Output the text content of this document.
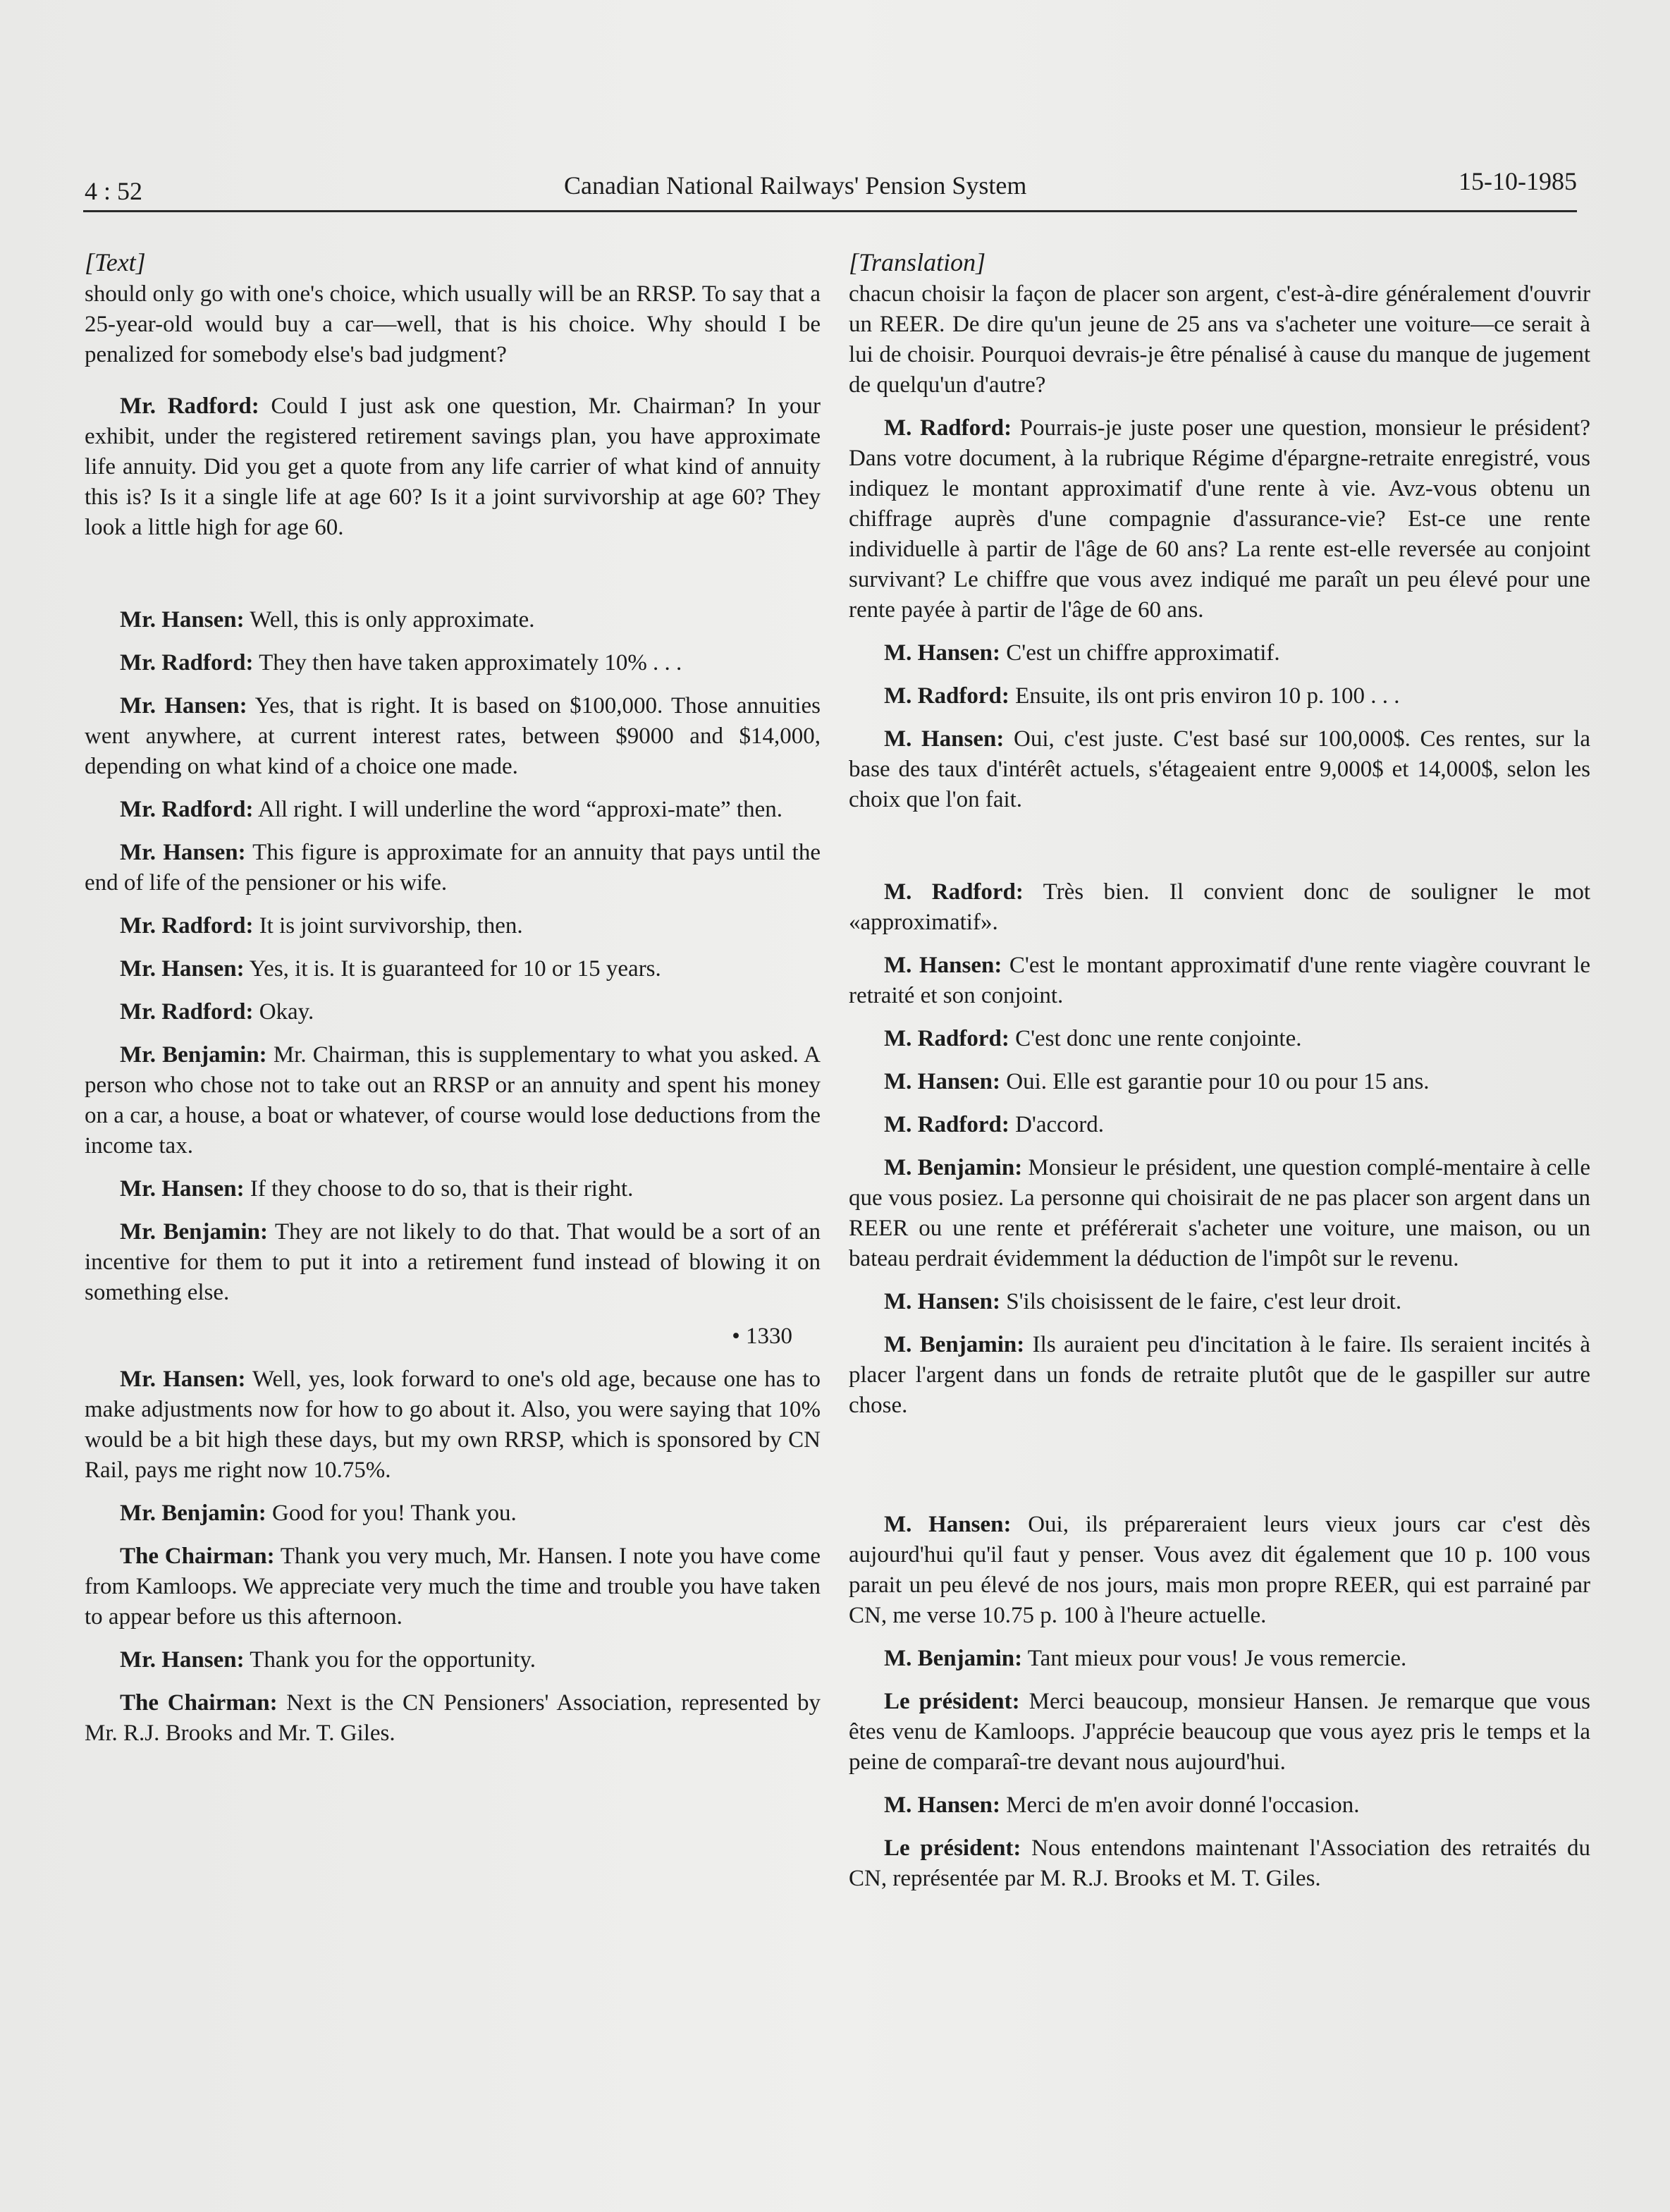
4 : 52	Canadian National Railways' Pension System	15-10-1985
[Text]
should only go with one's choice, which usually will be an RRSP. To say that a 25-year-old would buy a car—well, that is his choice. Why should I be penalized for somebody else's bad judgment?
Mr. Radford: Could I just ask one question, Mr. Chairman? In your exhibit, under the registered retirement savings plan, you have approximate life annuity. Did you get a quote from any life carrier of what kind of annuity this is? Is it a single life at age 60? Is it a joint survivorship at age 60? They look a little high for age 60.
Mr. Hansen: Well, this is only approximate.
Mr. Radford: They then have taken approximately 10% . . .
Mr. Hansen: Yes, that is right. It is based on $100,000. Those annuities went anywhere, at current interest rates, between $9000 and $14,000, depending on what kind of a choice one made.
Mr. Radford: All right. I will underline the word “approxi-mate” then.
Mr. Hansen: This figure is approximate for an annuity that pays until the end of life of the pensioner or his wife.
Mr. Radford: It is joint survivorship, then.
Mr. Hansen: Yes, it is. It is guaranteed for 10 or 15 years.
Mr. Radford: Okay.
Mr. Benjamin: Mr. Chairman, this is supplementary to what you asked. A person who chose not to take out an RRSP or an annuity and spent his money on a car, a house, a boat or whatever, of course would lose deductions from the income tax.
Mr. Hansen: If they choose to do so, that is their right.
Mr. Benjamin: They are not likely to do that. That would be a sort of an incentive for them to put it into a retirement fund instead of blowing it on something else.
• 1330
Mr. Hansen: Well, yes, look forward to one's old age, because one has to make adjustments now for how to go about it. Also, you were saying that 10% would be a bit high these days, but my own RRSP, which is sponsored by CN Rail, pays me right now 10.75%.
Mr. Benjamin: Good for you! Thank you.
The Chairman: Thank you very much, Mr. Hansen. I note you have come from Kamloops. We appreciate very much the time and trouble you have taken to appear before us this afternoon.
Mr. Hansen: Thank you for the opportunity.
The Chairman: Next is the CN Pensioners' Association, represented by Mr. R.J. Brooks and Mr. T. Giles.
[Translation]
chacun choisir la façon de placer son argent, c'est-à-dire généralement d'ouvrir un REER. De dire qu'un jeune de 25 ans va s'acheter une voiture—ce serait à lui de choisir. Pourquoi devrais-je être pénalisé à cause du manque de jugement de quelqu'un d'autre?
M. Radford: Pourrais-je juste poser une question, monsieur le président? Dans votre document, à la rubrique Régime d'épargne-retraite enregistré, vous indiquez le montant approximatif d'une rente à vie. Avz-vous obtenu un chiffrage auprès d'une compagnie d'assurance-vie? Est-ce une rente individuelle à partir de l'âge de 60 ans? La rente est-elle reversée au conjoint survivant? Le chiffre que vous avez indiqué me paraît un peu élevé pour une rente payée à partir de l'âge de 60 ans.
M. Hansen: C'est un chiffre approximatif.
M. Radford: Ensuite, ils ont pris environ 10 p. 100 . . .
M. Hansen: Oui, c'est juste. C'est basé sur 100,000$. Ces rentes, sur la base des taux d'intérêt actuels, s'étageaient entre 9,000$ et 14,000$, selon les choix que l'on fait.
M. Radford: Très bien. Il convient donc de souligner le mot «approximatif».
M. Hansen: C'est le montant approximatif d'une rente viagère couvrant le retraité et son conjoint.
M. Radford: C'est donc une rente conjointe.
M. Hansen: Oui. Elle est garantie pour 10 ou pour 15 ans.
M. Radford: D'accord.
M. Benjamin: Monsieur le président, une question complé-mentaire à celle que vous posiez. La personne qui choisirait de ne pas placer son argent dans un REER ou une rente et préférerait s'acheter une voiture, une maison, ou un bateau perdrait évidemment la déduction de l'impôt sur le revenu.
M. Hansen: S'ils choisissent de le faire, c'est leur droit.
M. Benjamin: Ils auraient peu d'incitation à le faire. Ils seraient incités à placer l'argent dans un fonds de retraite plutôt que de le gaspiller sur autre chose.
M. Hansen: Oui, ils prépareraient leurs vieux jours car c'est dès aujourd'hui qu'il faut y penser. Vous avez dit également que 10 p. 100 vous parait un peu élevé de nos jours, mais mon propre REER, qui est parrainé par CN, me verse 10.75 p. 100 à l'heure actuelle.
M. Benjamin: Tant mieux pour vous! Je vous remercie.
Le président: Merci beaucoup, monsieur Hansen. Je remarque que vous êtes venu de Kamloops. J'apprécie beaucoup que vous ayez pris le temps et la peine de comparaî-tre devant nous aujourd'hui.
M. Hansen: Merci de m'en avoir donné l'occasion.
Le président: Nous entendons maintenant l'Association des retraités du CN, représentée par M. R.J. Brooks et M. T. Giles.
